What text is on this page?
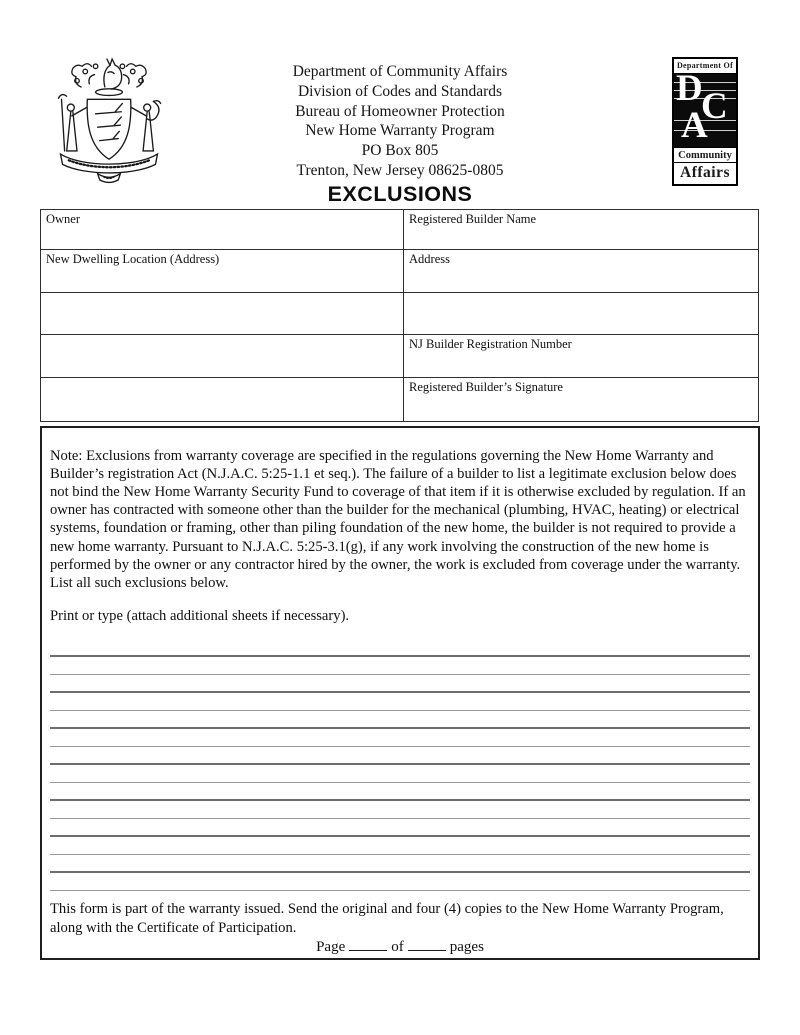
Department of Community Affairs
Division of Codes and Standards
Bureau of Homeowner Protection
New Home Warranty Program
PO Box 805
Trenton, New Jersey 08625-0805
Department Of
D
C
A
Community
Affairs
EXCLUSIONS
Owner	Registered Builder Name
New Dwelling Location (Address)	Address

	NJ Builder Registration Number
	Registered Builder’s Signature

Note: Exclusions from warranty coverage are specified in the regulations governing the New Home Warranty and Builder’s registration Act (N.J.A.C. 5:25-1.1 et seq.). The failure of a builder to list a legitimate exclusion below does not bind the New Home Warranty Security Fund to coverage of that item if it is otherwise excluded by regulation. If an owner has contracted with someone other than the builder for the mechanical (plumbing, HVAC, heating) or electrical systems, foundation or framing, other than piling foundation of the new home, the builder is not required to provide a new home warranty. Pursuant to N.J.A.C. 5:25-3.1(g), if any work involving the construction of the new home is performed by the owner or any contractor hired by the owner, the work is excluded from coverage under the warranty. List all such exclusions below.

Print or type (attach additional sheets if necessary).

This form is part of the warranty issued. Send the original and four (4) copies to the New Home Warranty Program, along with the Certificate of Participation.

Page	of	pages
